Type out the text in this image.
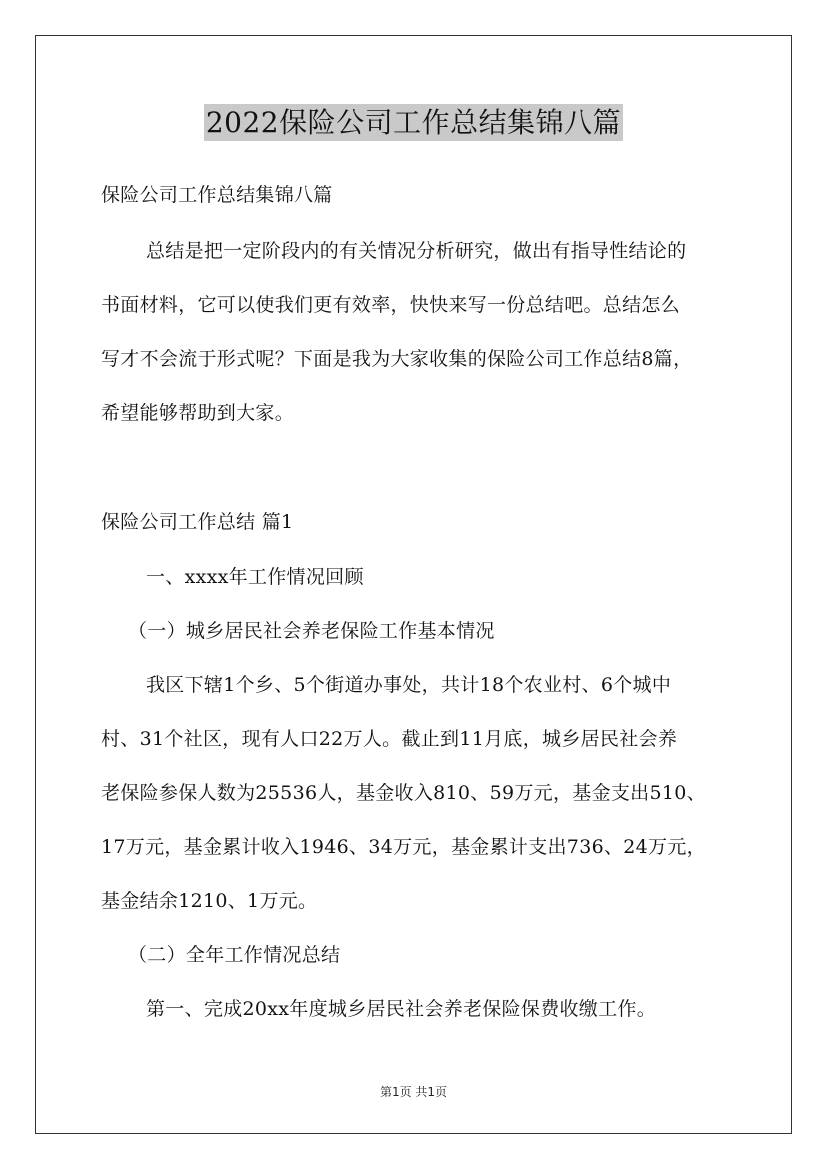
2022保险公司工作总结集锦八篇
保险公司工作总结集锦八篇
总结是把一定阶段内的有关情况分析研究，做出有指导性结论的
书面材料，它可以使我们更有效率，快快来写一份总结吧。总结怎么
写才不会流于形式呢？下面是我为大家收集的保险公司工作总结8篇，
希望能够帮助到大家。
保险公司工作总结 篇1
一、xxxx年工作情况回顾
（一）城乡居民社会养老保险工作基本情况
我区下辖1个乡、5个街道办事处，共计18个农业村、6个城中
村、31个社区，现有人口22万人。截止到11月底，城乡居民社会养
老保险参保人数为25536人，基金收入810、59万元，基金支出510、
17万元，基金累计收入1946、34万元，基金累计支出736、24万元，
基金结余1210、1万元。
（二）全年工作情况总结
第一、完成20xx年度城乡居民社会养老保险保费收缴工作。
第1页 共1页
